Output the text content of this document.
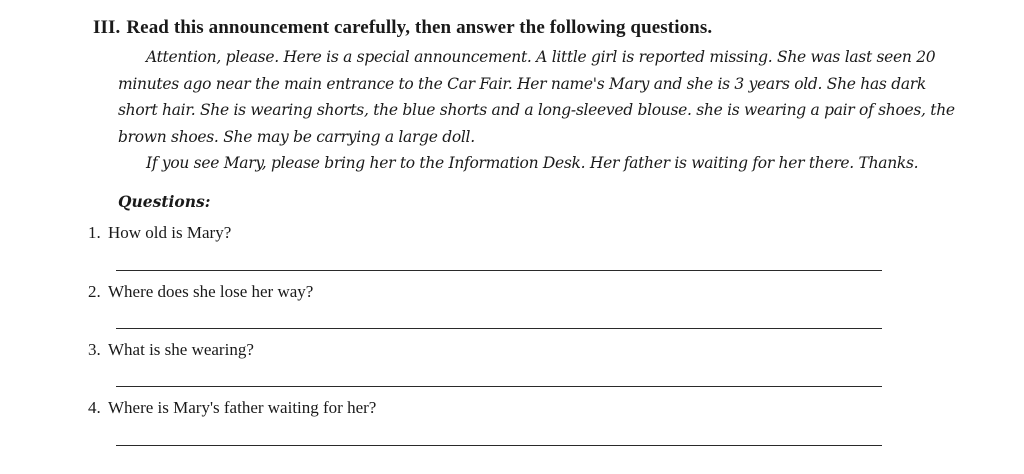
III. Read this announcement carefully, then answer the following questions.

Attention, please. Here is a special announcement. A little girl is reported missing. She was last seen 20 minutes ago near the main entrance to the Car Fair. Her name's Mary and she is 3 years old. She has dark short hair. She is wearing shorts, the blue shorts and a long-sleeved blouse. she is wearing a pair of shoes, the brown shoes. She may be carrying a large doll.

If you see Mary, please bring her to the Information Desk. Her father is waiting for her there. Thanks.

Questions:
1. How old is Mary?
2. Where does she lose her way?
3. What is she wearing?
4. Where is Mary's father waiting for her?
